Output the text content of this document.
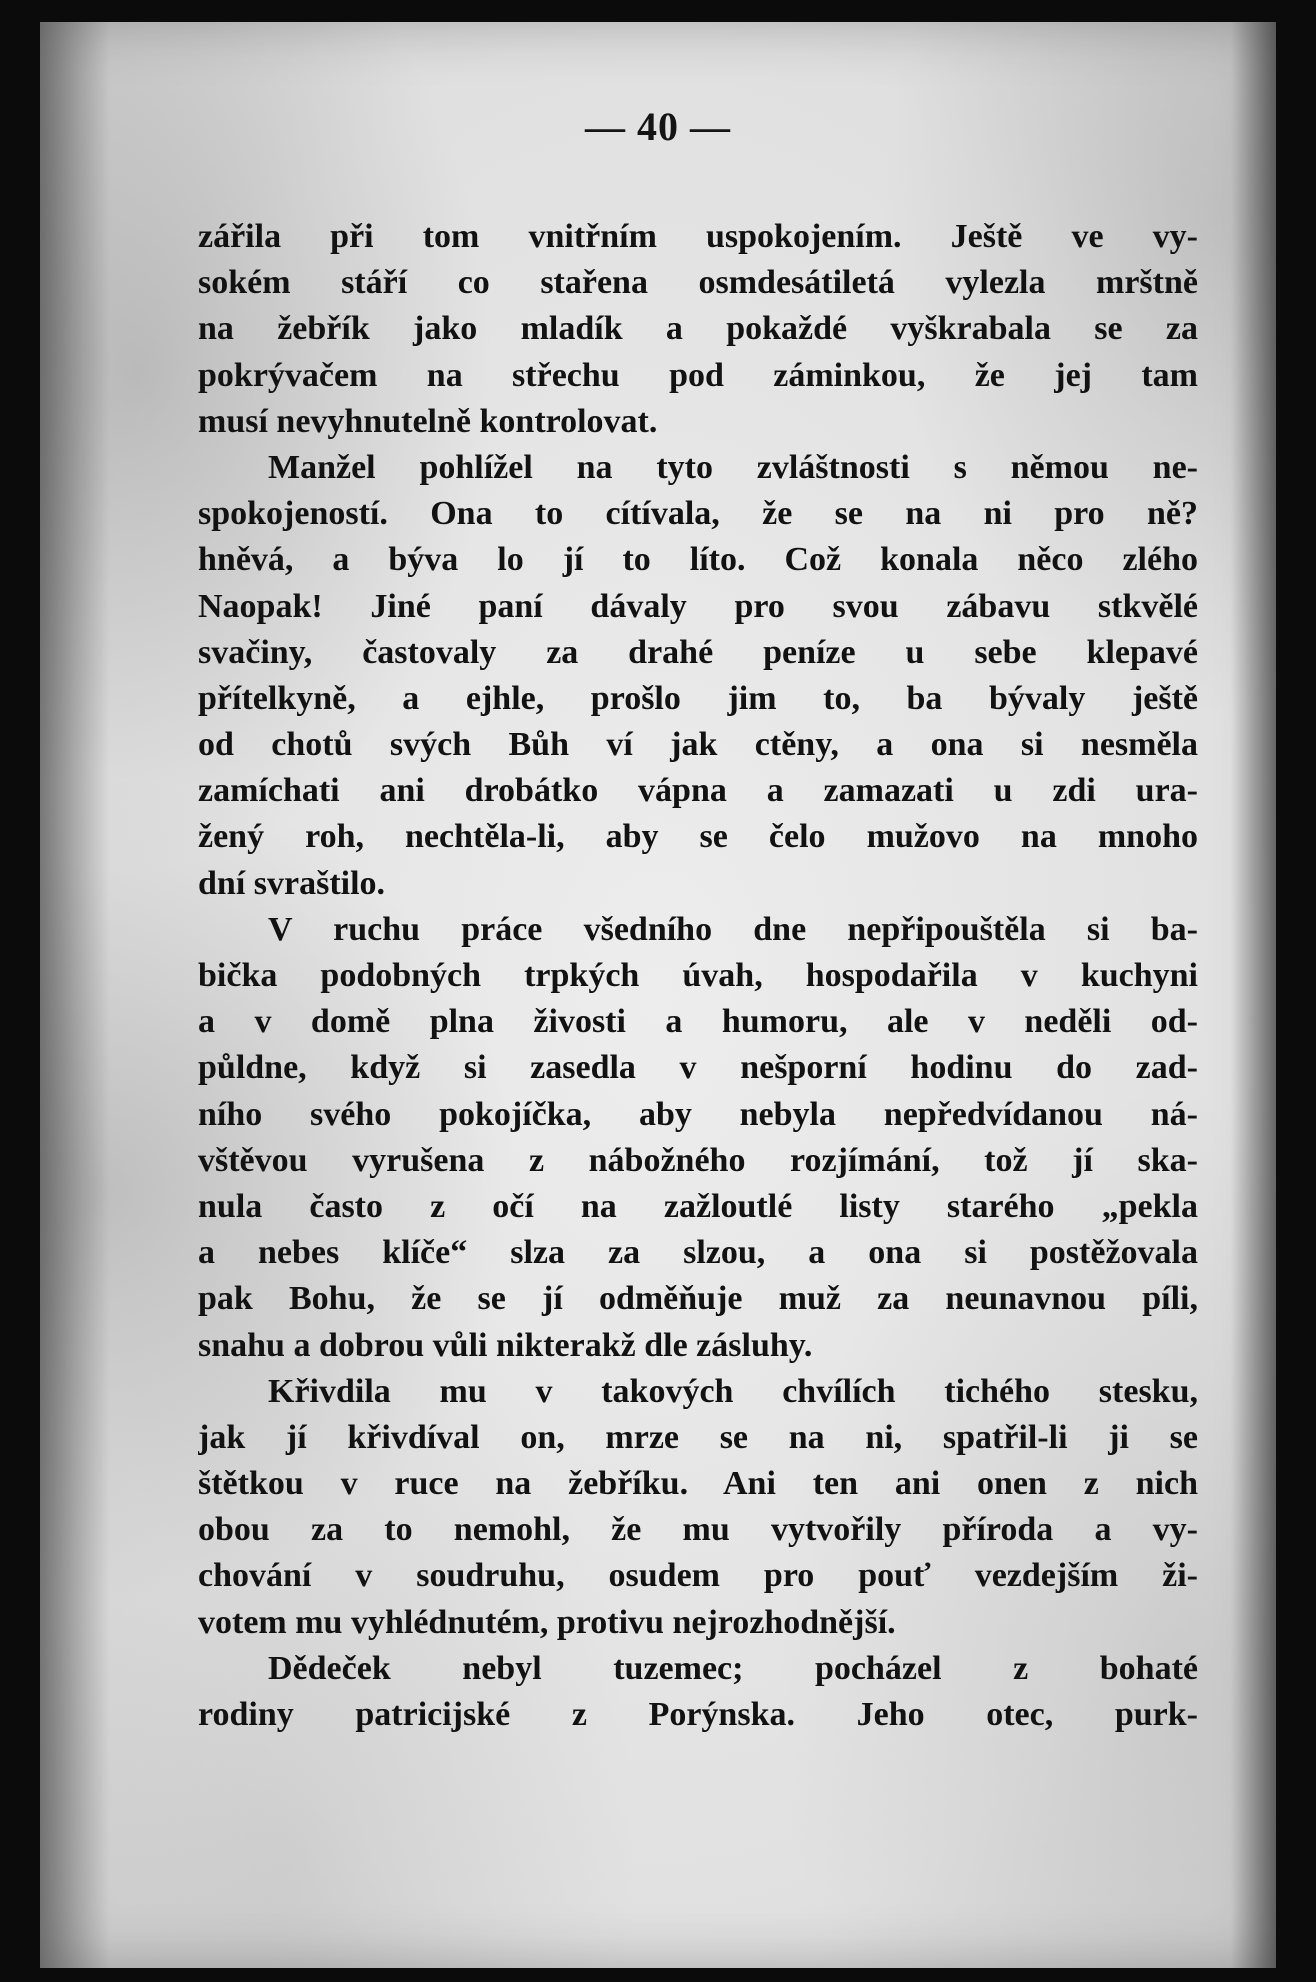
— 40 —
zářila při tom vnitřním uspokojením. Ještě ve vy-
sokém stáří co stařena osmdesátiletá vylezla mrštně
na žebřík jako mladík a pokaždé vyškrabala se za
pokrývačem na střechu pod záminkou, že jej tam
musí nevyhnutelně kontrolovat.
Manžel pohlížel na tyto zvláštnosti s němou ne-
spokojeností. Ona to cítívala, že se na ni pro ně?
hněvá, a býva lo jí to líto. Což konala něco zlého
Naopak! Jiné paní dávaly pro svou zábavu stkvělé
svačiny, častovaly za drahé peníze u sebe klepavé
přítelkyně, a ejhle, prošlo jim to, ba bývaly ještě
od chotů svých Bůh ví jak ctěny, a ona si nesměla
zamíchati ani drobátko vápna a zamazati u zdi ura-
žený roh, nechtěla-li, aby se čelo mužovo na mnoho
dní svraštilo.
V ruchu práce všedního dne nepřipouštěla si ba-
bička podobných trpkých úvah, hospodařila v kuchyni
a v domě plna živosti a humoru, ale v neděli od-
půldne, když si zasedla v nešporní hodinu do zad-
ního svého pokojíčka, aby nebyla nepředvídanou ná-
vštěvou vyrušena z nábožného rozjímání, tož jí ska-
nula často z očí na zažloutlé listy starého „pekla
a nebes klíče“ slza za slzou, a ona si postěžovala
pak Bohu, že se jí odměňuje muž za neunavnou píli,
snahu a dobrou vůli nikterakž dle zásluhy.
Křivdila mu v takových chvílích tichého stesku,
jak jí křivdíval on, mrze se na ni, spatřil-li ji se
štětkou v ruce na žebříku. Ani ten ani onen z nich
obou za to nemohl, že mu vytvořily příroda a vy-
chování v soudruhu, osudem pro pouť vezdejším ži-
votem mu vyhlédnutém, protivu nejrozhodnější.
Dědeček nebyl tuzemec; pocházel z bohaté
rodiny patricijské z Porýnska. Jeho otec, purk-
